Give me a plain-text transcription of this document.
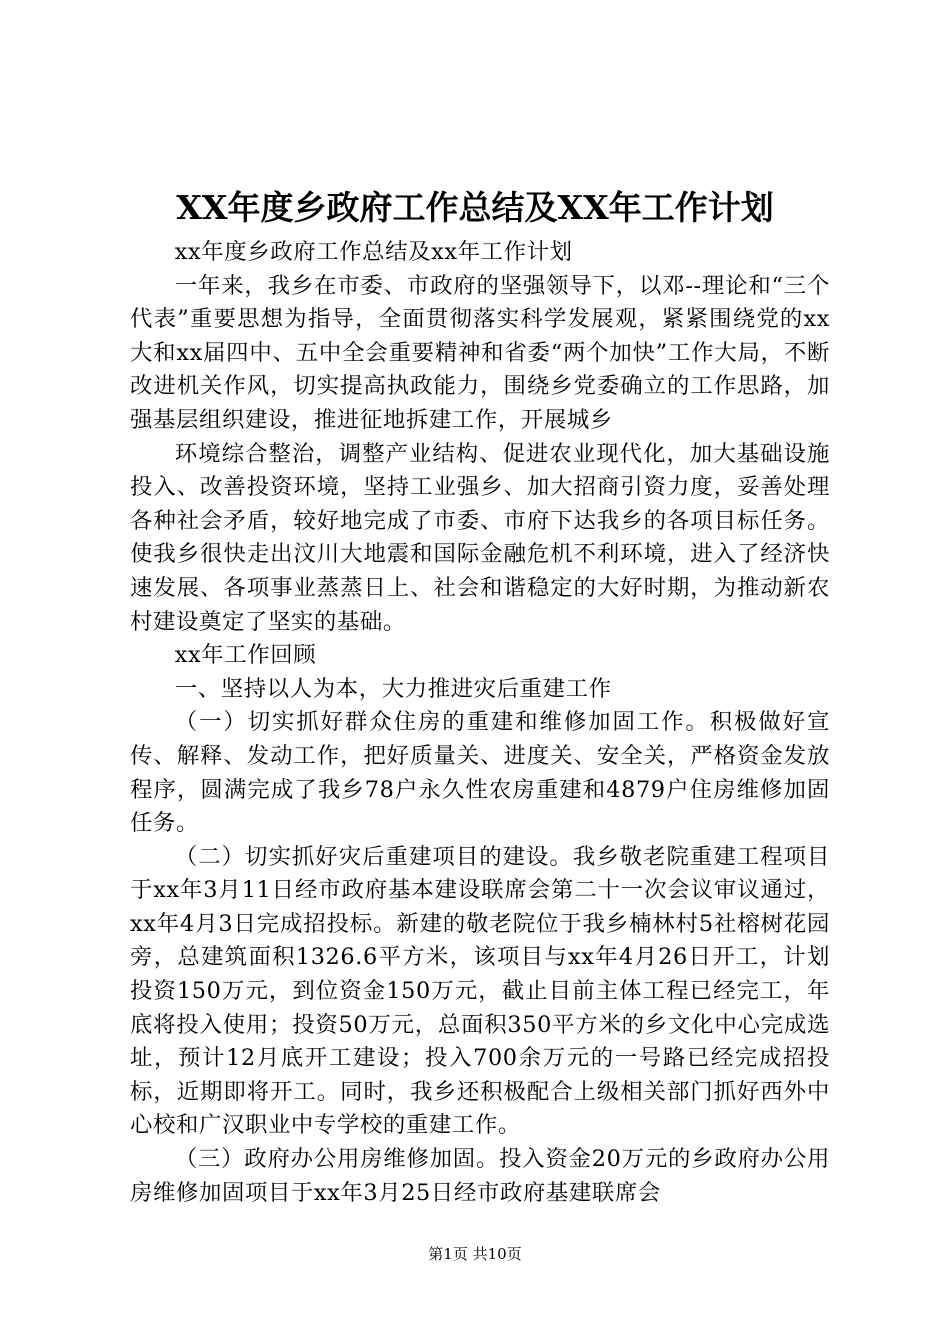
XX年度乡政府工作总结及XX年工作计划

xx年度乡政府工作总结及xx年工作计划

一年来，我乡在市委、市政府的坚强领导下，以邓--理论和“三个代表”重要思想为指导，全面贯彻落实科学发展观，紧紧围绕党的xx大和xx届四中、五中全会重要精神和省委“两个加快”工作大局，不断改进机关作风，切实提高执政能力，围绕乡党委确立的工作思路，加强基层组织建设，推进征地拆建工作，开展城乡

环境综合整治，调整产业结构、促进农业现代化，加大基础设施投入、改善投资环境，坚持工业强乡、加大招商引资力度，妥善处理各种社会矛盾，较好地完成了市委、市府下达我乡的各项目标任务。使我乡很快走出汶川大地震和国际金融危机不利环境，进入了经济快速发展、各项事业蒸蒸日上、社会和谐稳定的大好时期，为推动新农村建设奠定了坚实的基础。

xx年工作回顾

一、坚持以人为本，大力推进灾后重建工作

（一）切实抓好群众住房的重建和维修加固工作。积极做好宣传、解释、发动工作，把好质量关、进度关、安全关，严格资金发放程序，圆满完成了我乡78户永久性农房重建和4879户住房维修加固任务。

（二）切实抓好灾后重建项目的建设。我乡敬老院重建工程项目于xx年3月11日经市政府基本建设联席会第二十一次会议审议通过，xx年4月3日完成招投标。新建的敬老院位于我乡楠林村5社榕树花园旁，总建筑面积1326.6平方米，该项目与xx年4月26日开工，计划投资150万元，到位资金150万元，截止目前主体工程已经完工，年底将投入使用；投资50万元，总面积350平方米的乡文化中心完成选址，预计12月底开工建设；投入700余万元的一号路已经完成招投标，近期即将开工。同时，我乡还积极配合上级相关部门抓好西外中心校和广汉职业中专学校的重建工作。

（三）政府办公用房维修加固。投入资金20万元的乡政府办公用房维修加固项目于xx年3月25日经市政府基建联席会

第1页 共10页
